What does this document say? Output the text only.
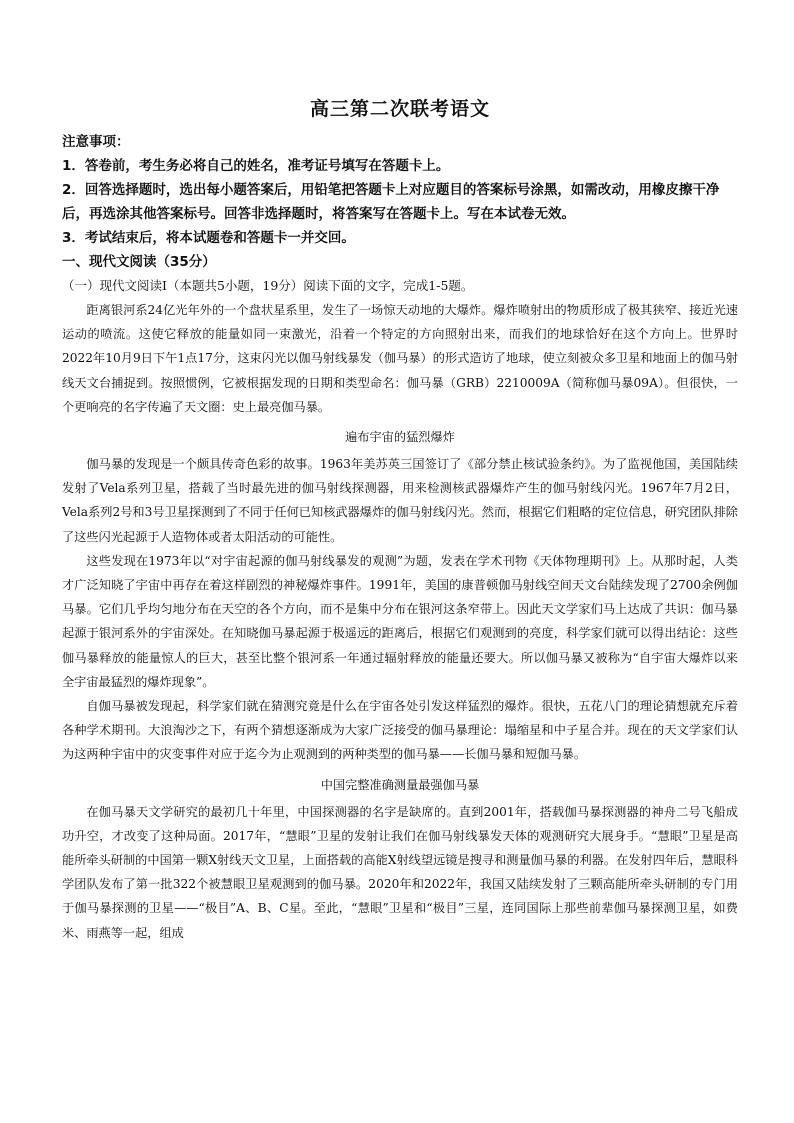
高三第二次联考语文

注意事项：

1．答卷前，考生务必将自己的姓名，准考证号填写在答题卡上。

2．回答选择题时，选出每小题答案后，用铅笔把答题卡上对应题目的答案标号涂黑，如需改动，用橡皮擦干净后，再选涂其他答案标号。回答非选择题时，将答案写在答题卡上。写在本试卷无效。

3．考试结束后，将本试题卷和答题卡一并交回。

一、现代文阅读（35分）

（一）现代文阅读Ⅰ（本题共5小题，19分）阅读下面的文字，完成1-5题。

距离银河系24亿光年外的一个盘状星系里，发生了一场惊天动地的大爆炸。爆炸喷射出的物质形成了极其狭窄、接近光速运动的喷流。这使它释放的能量如同一束激光，沿着一个特定的方向照射出来，而我们的地球恰好在这个方向上。世界时2022年10月9日下午1点17分，这束闪光以伽马射线暴发（伽马暴）的形式造访了地球，使立刻被众多卫星和地面上的伽马射线天文台捕捉到。按照惯例，它被根据发现的日期和类型命名：伽马暴（GRB）2210009A（简称伽马暴09A）。但很快，一个更响亮的名字传遍了天文圈：史上最亮伽马暴。

遍布宇宙的猛烈爆炸

伽马暴的发现是一个颇具传奇色彩的故事。1963年美苏英三国签订了《部分禁止核试验条约》。为了监视他国，美国陆续发射了Vela系列卫星，搭载了当时最先进的伽马射线探测器，用来检测核武器爆炸产生的伽马射线闪光。1967年7月2日，Vela系列2号和3号卫星探测到了不同于任何已知核武器爆炸的伽马射线闪光。然而，根据它们粗略的定位信息，研究团队排除了这些闪光起源于人造物体或者太阳活动的可能性。

这些发现在1973年以“对宇宙起源的伽马射线暴发的观测”为题，发表在学术刊物《天体物理期刊》上。从那时起，人类才广泛知晓了宇宙中再存在着这样剧烈的神秘爆炸事件。1991年，美国的康普顿伽马射线空间天文台陆续发现了2700余例伽马暴。它们几乎均匀地分布在天空的各个方向，而不是集中分布在银河这条窄带上。因此天文学家们马上达成了共识：伽马暴起源于银河系外的宇宙深处。在知晓伽马暴起源于极遥远的距离后，根据它们观测到的亮度，科学家们就可以得出结论：这些伽马暴释放的能量惊人的巨大，甚至比整个银河系一年通过辐射释放的能量还要大。所以伽马暴又被称为“自宇宙大爆炸以来全宇宙最猛烈的爆炸现象”。

自伽马暴被发现起，科学家们就在猜测究竟是什么在宇宙各处引发这样猛烈的爆炸。很快，五花八门的理论猜想就充斥着各种学术期刊。大浪淘沙之下，有两个猜想逐渐成为大家广泛接受的伽马暴理论：塌缩星和中子星合并。现在的天文学家们认为这两种宇宙中的灾变事件对应于迄今为止观测到的两种类型的伽马暴——长伽马暴和短伽马暴。

中国完整准确测量最强伽马暴

在伽马暴天文学研究的最初几十年里，中国探测器的名字是缺席的。直到2001年，搭载伽马暴探测器的神舟二号飞船成功升空，才改变了这种局面。2017年，“慧眼”卫星的发射让我们在伽马射线暴发天体的观测研究大展身手。“慧眼”卫星是高能所牵头研制的中国第一颗X射线天文卫星，上面搭载的高能X射线望远镜是搜寻和测量伽马暴的利器。在发射四年后，慧眼科学团队发布了第一批322个被慧眼卫星观测到的伽马暴。2020年和2022年，我国又陆续发射了三颗高能所牵头研制的专门用于伽马暴探测的卫星——“极目”A、B、C星。至此，“慧眼”卫星和“极目”三星，连同国际上那些前辈伽马暴探测卫星，如费米、雨燕等一起，组成
